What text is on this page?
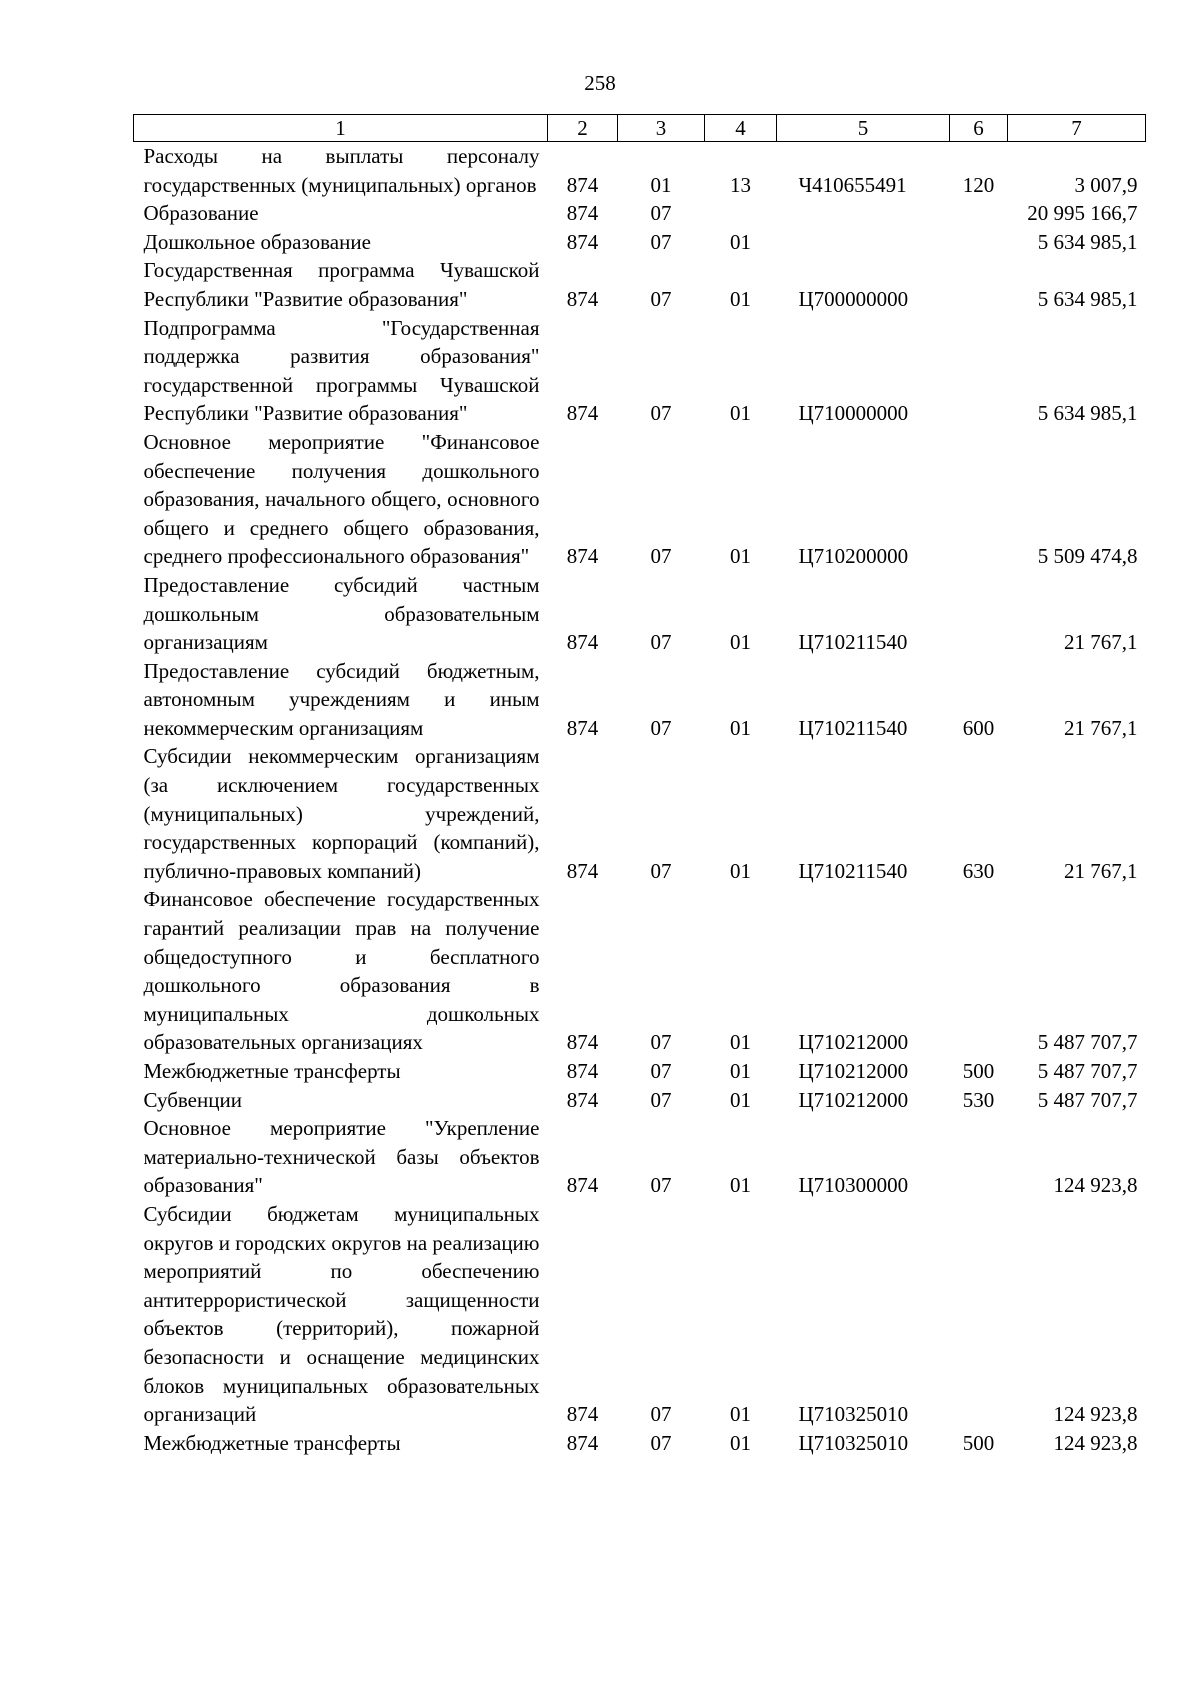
258
1	2	3	4	5	6	7
Расходы на выплаты персоналу государственных (муниципальных) органов	874	01	13	Ч410655491	120	3 007,9
Образование	874	07				20 995 166,7
Дошкольное образование	874	07	01			5 634 985,1
Государственная программа Чувашской Республики "Развитие образования"	874	07	01	Ц700000000		5 634 985,1
Подпрограмма "Государственная поддержка развития образования" государственной программы Чувашской Республики "Развитие образования"	874	07	01	Ц710000000		5 634 985,1
Основное мероприятие "Финансовое обеспечение получения дошкольного образования, начального общего, основного общего и среднего общего образования, среднего профессионального образования"	874	07	01	Ц710200000		5 509 474,8
Предоставление субсидий частным дошкольным образовательным организациям	874	07	01	Ц710211540		21 767,1
Предоставление субсидий бюджетным, автономным учреждениям и иным некоммерческим организациям	874	07	01	Ц710211540	600	21 767,1
Субсидии некоммерческим организациям (за исключением государственных (муниципальных) учреждений, государственных корпораций (компаний), публично-правовых компаний)	874	07	01	Ц710211540	630	21 767,1
Финансовое обеспечение государственных гарантий реализации прав на получение общедоступного и бесплатного дошкольного образования в муниципальных дошкольных образовательных организациях	874	07	01	Ц710212000		5 487 707,7
Межбюджетные трансферты	874	07	01	Ц710212000	500	5 487 707,7
Субвенции	874	07	01	Ц710212000	530	5 487 707,7
Основное мероприятие "Укрепление материально-технической базы объектов образования"	874	07	01	Ц710300000		124 923,8
Субсидии бюджетам муниципальных округов и городских округов на реализацию мероприятий по обеспечению антитеррористической защищенности объектов (территорий), пожарной безопасности и оснащение медицинских блоков муниципальных образовательных организаций	874	07	01	Ц710325010		124 923,8
Межбюджетные трансферты	874	07	01	Ц710325010	500	124 923,8
